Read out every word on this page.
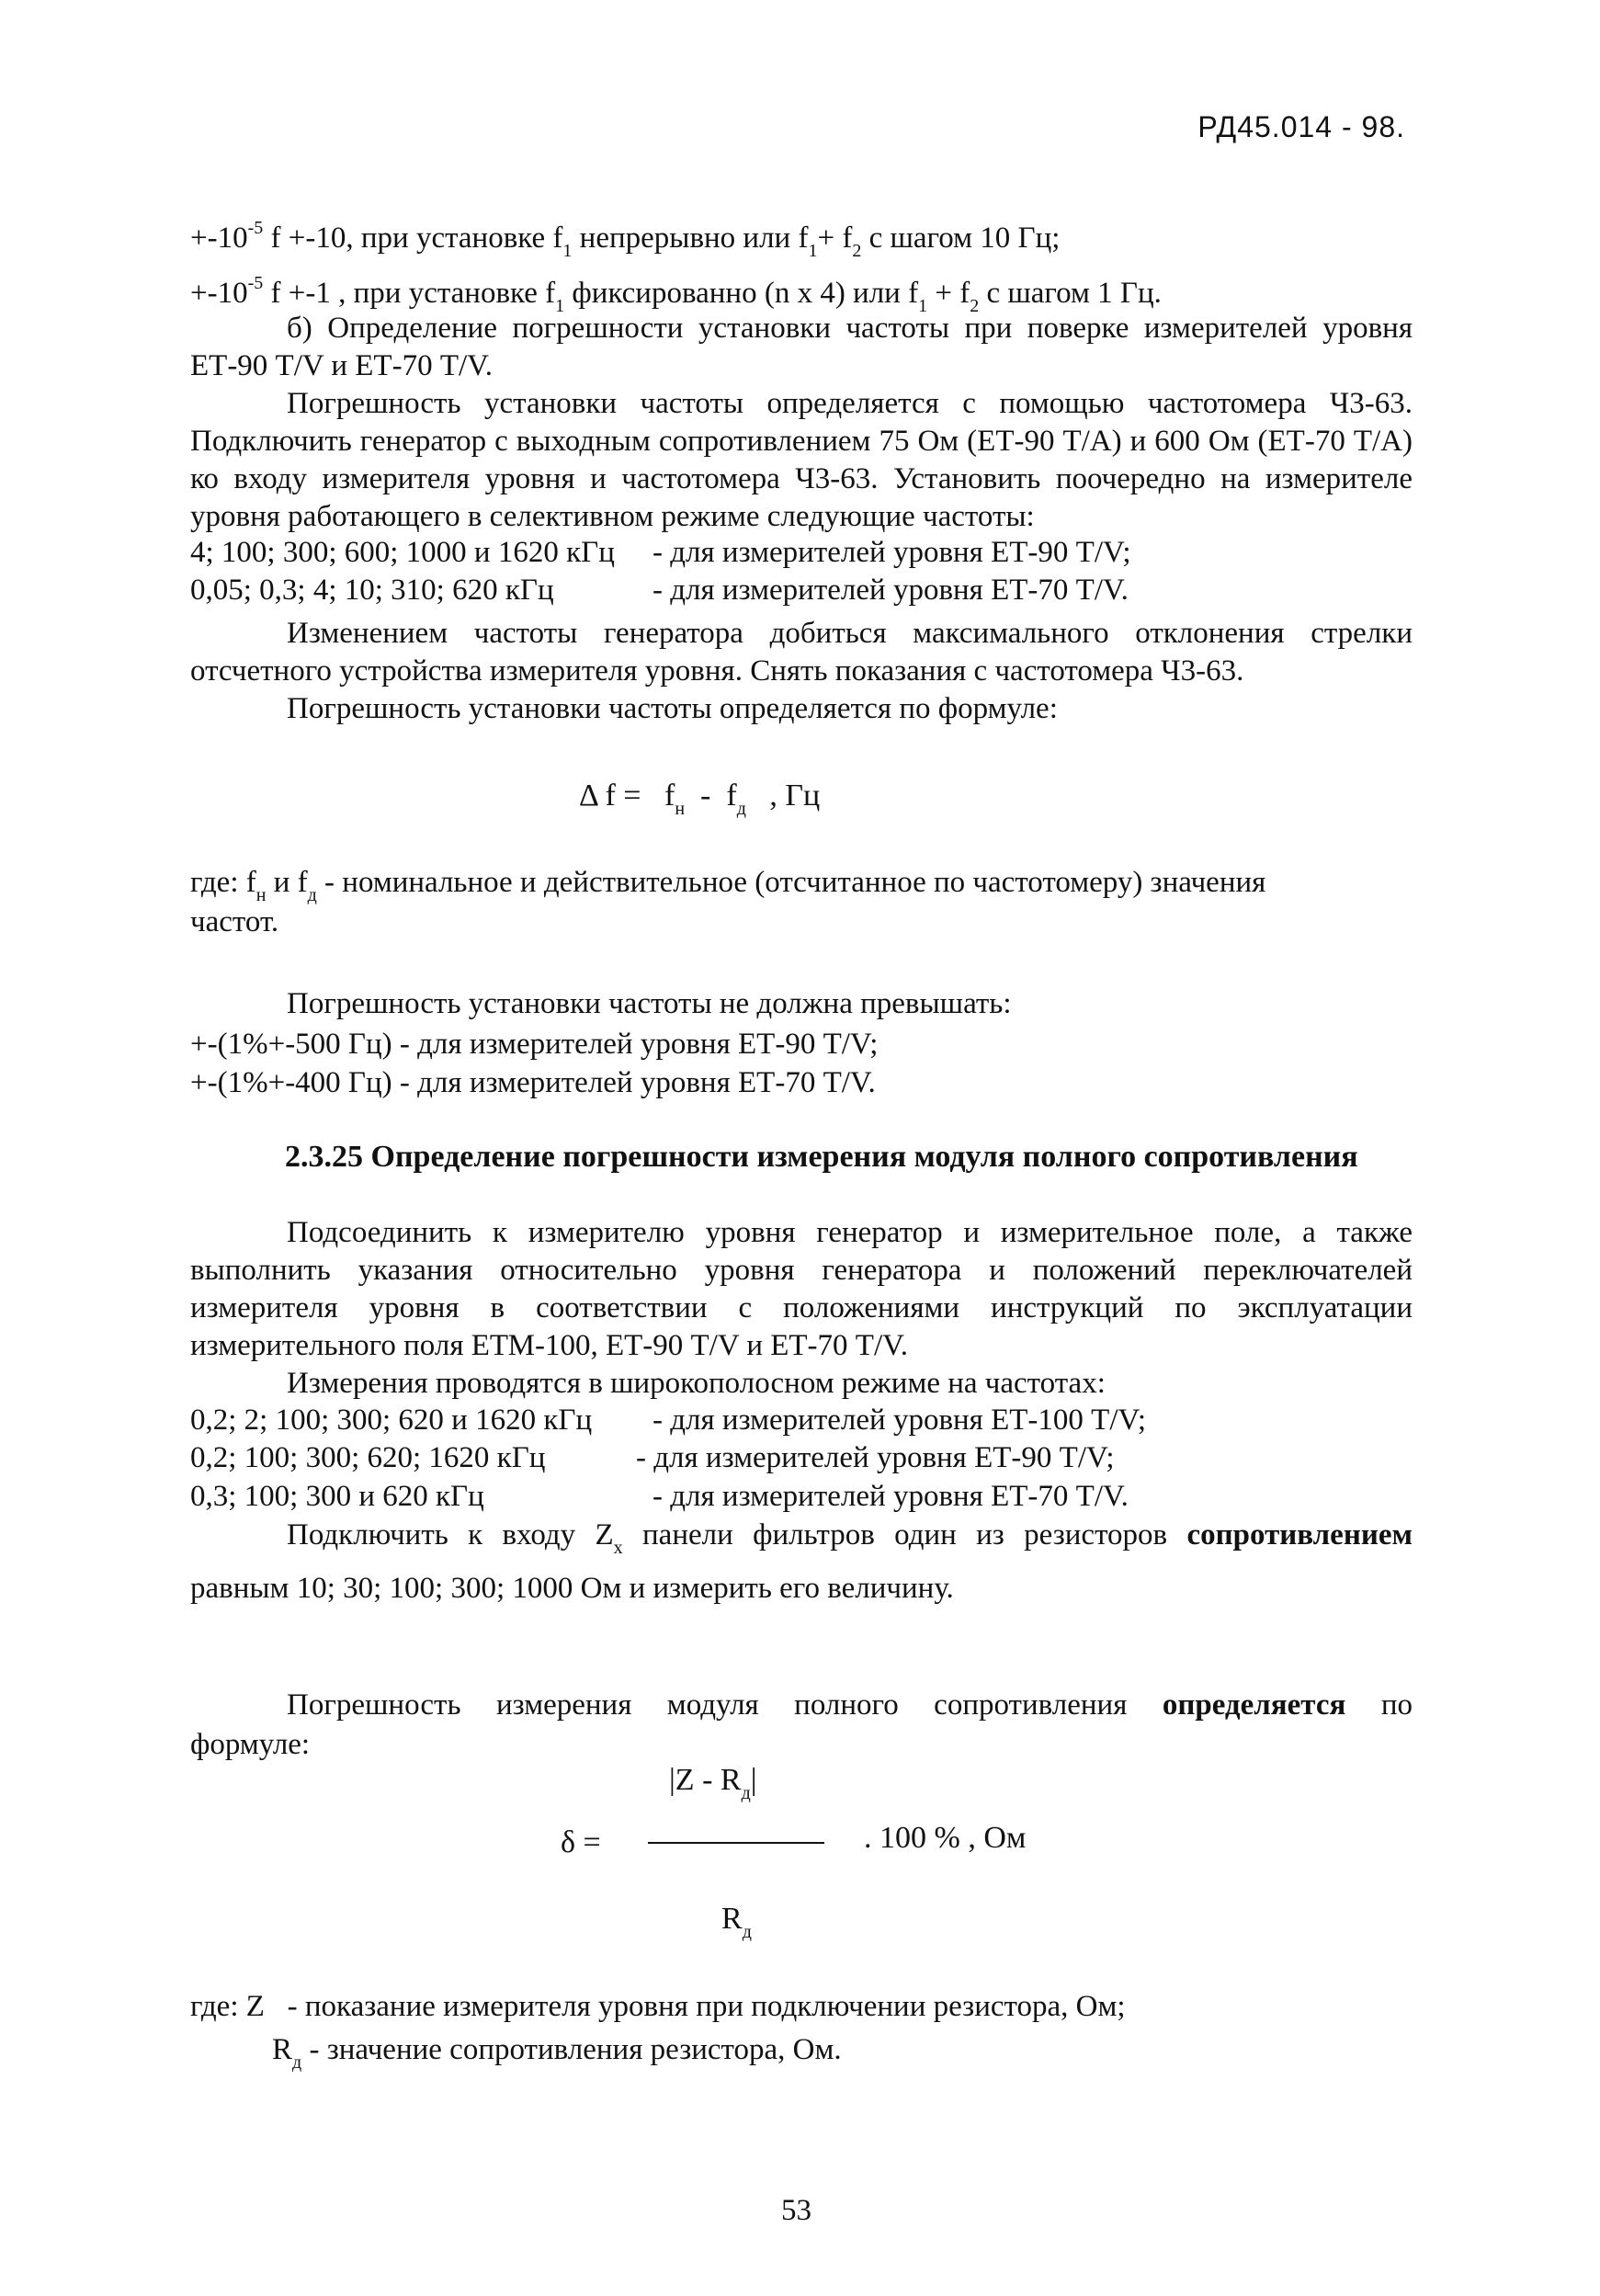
РД45.014 - 98.
$+-10^{-5}$ f +-10, при установке $f_1$ непрерывно или $f_1+ f_2$ с шагом 10 Гц;
$+-10^{-5}$ f +-1 , при установке $f_1$ фиксированно (n x 4) или $f_1 + f_2$ с шагом 1 Гц.
б) Определение погрешности установки частоты при поверке измерителей уровня ЕТ-90 T/V и ЕТ-70 T/V.
Погрешность установки частоты определяется с помощью частотомера Ч3-63. Подключить генератор с выходным сопротивлением 75 Ом (ЕТ-90 Т/А) и 600 Ом (ЕТ-70 Т/А) ко входу измерителя уровня и частотомера Ч3-63. Установить поочередно на измерителе уровня работающего в селективном режиме следующие частоты:
4; 100; 300; 600; 1000 и 1620 кГц - для измерителей уровня ЕТ-90 T/V;
0,05; 0,3; 4; 10; 310; 620 кГц	- для измерителей уровня ЕТ-70 T/V.
Изменением частоты генератора добиться максимального отклонения стрелки отсчетного устройства измерителя уровня. Снять показания с частотомера Ч3-63.
Погрешность установки частоты определяется по формуле:
Δ $f = f_н - f_д$ , Гц
где: $f_н$ и $f_д$ - номинальное и действительное (отсчитанное по частотомеру) значения
частот.
Погрешность установки частоты не должна превышать:
+-(1%+-500 Гц) - для измерителей уровня ЕТ-90 T/V;
+-(1%+-400 Гц) - для измерителей уровня ЕТ-70 T/V.
2.3.25 Определение погрешности измерения модуля полного сопротивления
Подсоединить к измерителю уровня генератор и измерительное поле, а также выполнить указания относительно уровня генератора и положений переключателей измерителя уровня в соответствии с положениями инструкций по эксплуатации измерительного поля ЕТМ-100, ЕТ-90 T/V и ЕТ-70 T/V.
Измерения проводятся в широкополосном режиме на частотах:
0,2; 2; 100; 300; 620 и 1620 кГц - для измерителей уровня ЕТ-100 T/V;
0,2; 100; 300; 620; 1620 кГц	- для измерителей уровня ЕТ-90 T/V;
0,3; 100; 300 и 620 кГц	- для измерителей уровня ЕТ-70 T/V.
Подключить к входу $Z_x$ панели фильтров один из резисторов сопротивлением
равным 10; 30; 100; 300; 1000 Ом и измерить его величину.
Погрешность измерения модуля полного сопротивления определяется по
формуле:
$|Z - R_д|$
δ =	. 100 % , Ом
$R_д$
где: Z - показание измерителя уровня при подключении резистора, Ом;
$R_д$ - значение сопротивления резистора, Ом.
53
